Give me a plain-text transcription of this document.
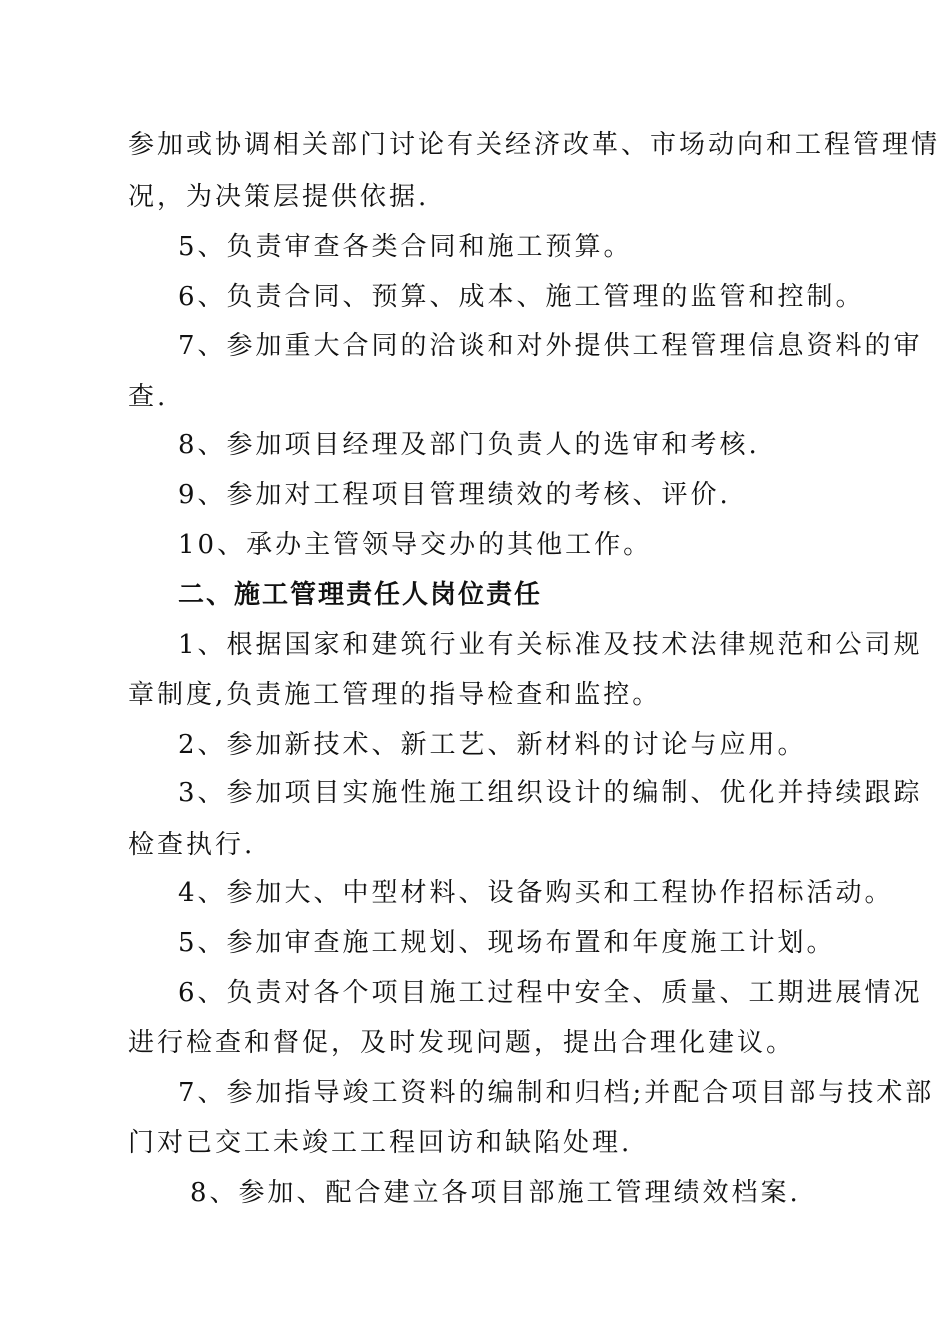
参加或协调相关部门讨论有关经济改革、市场动向和工程管理情
况，为决策层提供依据.
5、负责审查各类合同和施工预算。
6、负责合同、预算、成本、施工管理的监管和控制。
7、参加重大合同的洽谈和对外提供工程管理信息资料的审
查.
8、参加项目经理及部门负责人的选审和考核.
9、参加对工程项目管理绩效的考核、评价.
10、承办主管领导交办的其他工作。
二、施工管理责任人岗位责任
1、根据国家和建筑行业有关标准及技术法律规范和公司规
章制度,负责施工管理的指导检查和监控。
2、参加新技术、新工艺、新材料的讨论与应用。
3、参加项目实施性施工组织设计的编制、优化并持续跟踪
检查执行.
4、参加大、中型材料、设备购买和工程协作招标活动。
5、参加审查施工规划、现场布置和年度施工计划。
6、负责对各个项目施工过程中安全、质量、工期进展情况
进行检查和督促，及时发现问题，提出合理化建议。
7、参加指导竣工资料的编制和归档;并配合项目部与技术部
门对已交工未竣工工程回访和缺陷处理.
8、参加、配合建立各项目部施工管理绩效档案.
